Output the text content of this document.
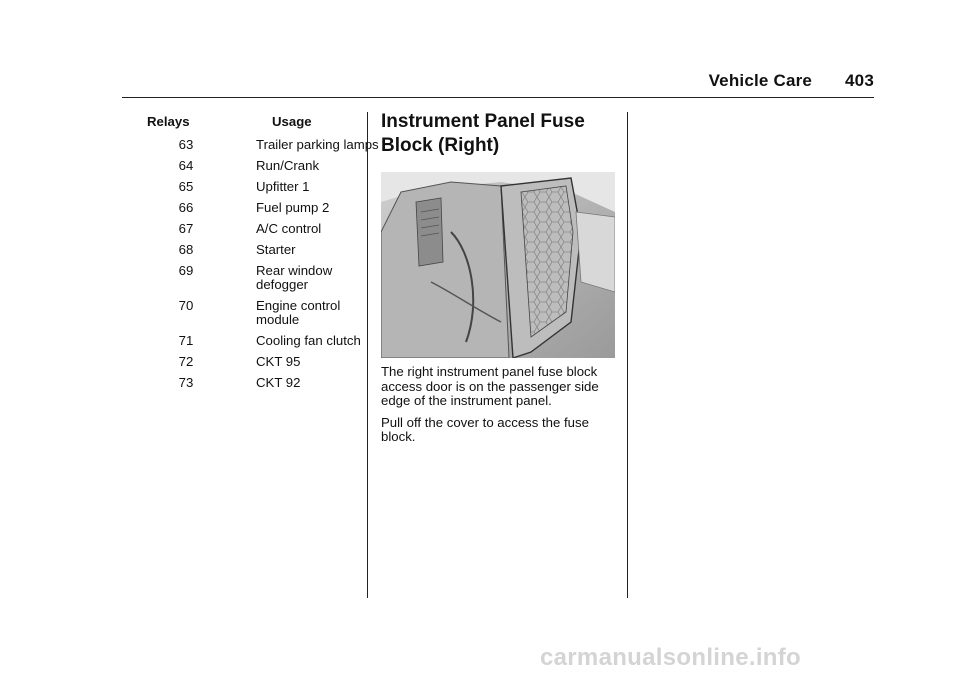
Vehicle Care 403
Relays	Usage
63	Trailer parking lamps
64	Run/Crank
65	Upfitter 1
66	Fuel pump 2
67	A/C control
68	Starter
69	Rear window defogger
70	Engine control module
71	Cooling fan clutch
72	CKT 95
73	CKT 92
Instrument Panel Fuse Block (Right)

The right instrument panel fuse block access door is on the passenger side edge of the instrument panel.

Pull off the cover to access the fuse block.

carmanualsonline.info
